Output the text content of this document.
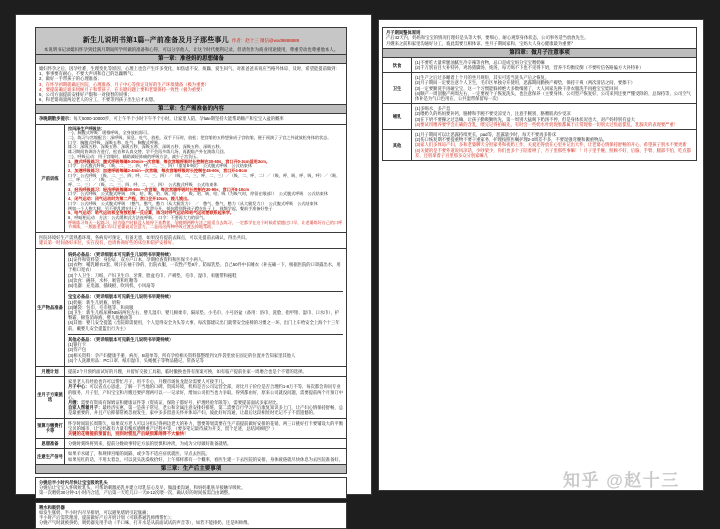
新生儿说明书第1篇--产前准备及月子那些事儿 作者：赵十三 微信@wxd9888889
本说明书记录媳妇怀孕到娃满月期间所学所做的准备和心得，可以分享他人，让这个时代便利记录，但请勿作为商业用途使用，尊重劳动也尊重他本人。
第一章：准爸妈的思想储备
媳妇怀孕之后，因孕吐难、生理变化等原因，心理上也会产生许多变化，如焦虑不安、烦躁、爱生闷气，对准爸爸来说应当格外体谅、及时，希望能提前做到：
1、事事要有耐心，不要大声讲和自己的急躁脾气；
2、做好一手带孩子的心理准备；
3、在怀孕初期就确定医院、心理准备、月子中心等预定及好的生产环境储备（极为重要）
4、要提前确定谁来伺候月子和带孩子，在关键问题上要和老婆保持一致性（极为重要）
5、公司方面提前安排好产假和一对接替的同事；
6、和老婆商量两边老人的分工，不要等到孩子出生后才去想。
第二章：生产需准备的内容
孕晚期散步提示：每天5000-10000步，可上午半个小时下午半个小时，让家里人陪，孕late期坚持大能帮助顺产和宝宝入盆的概率
产前训练
拉玛泽生产呼吸法：
一)、胸腹式呼吸：缓慢呼吸，全身放松即可。
二)、练习与宫缩配合：深呼吸、屏息、吐气、放松，双手下压时，放松；把宫缩的五秒想象成子宫收缩，便于预演了子宫之外就放松身体的状态。
口令：胸腹式呼吸，深吸五秒、吐气，胸腹式呼吸。
练习：深吸五秒、深吸五秒、深吸五秒、深吸五秒、深吸五秒、深吸五秒、深吸五秒。
练习期间协调各方进行，松音和认真交替，学不会再多练几场，再跟临产外在演练几回。
三)、呼吸运动：用于宫缩时，辅助减轻阵痛的呼吸方法，减少子宫负压。
1、腹式呼吸练习：腹式呼吸每隔5-20min一次宫缩，每次宫缩呼吸时长控制在30-60s，宫口开0-3cm适用3cm。
口令：公式腹式呼吸，（吸、二、三、四、呼、二、三、四）（重复6-9次）　公式腹式呼吸　公式结束休
2、加速呼吸练习：加速呼吸每隔2-4min一次宫缩，每次宫缩呼吸时长控制在45-60s，宫口开4-8cm
口令：公式呼吸　（吸、二、三、四、呼、二、三、四）／（吸、二、三、呼、二、三）／（吸、二、呼、二）／（吸、呼、吸、呼、吸、呼）／（吸、二、呼、二）／（吸、二、三、
呼、二、三）／（吸、二、三、四、呼、二、三、四）　公式腹式呼吸　公式结束休
3、轻浅呼吸练习：轻浅呼吸每隔30-60s一次宫缩，每次宫缩呼吸时长控制在30-90s，宫口开8-10cm
口令：公式呼吸　公式腹式呼吸　（吸、哈、吸、哈、吸、哈　／　吸、哈、吸、哈、吸（为吸气时，停留在喉部））　公式腹式呼吸　公式结束休
4、闭气运动：闭气运动时为第二产程，宫口全开10cm，娩儿娩出。
口令：公式呼吸　公式腹式呼吸　（憋气、憋气、憋力（从大腿发力）　／　憋气、憋气、憋力（从大腿发力））　公式腹式呼吸　公式结束休
例如一个人抱大腿，另不要乱蹬在肚子上，发泄分开，抵抗蹬别将孩子蹬在肚子上，视频学起，餐前手准备好垫子
5、哈气运动：哈气运动和全身放松第一反应算，练习时呼气运动和哈气运动要联系起来学。
6、呼暗相运动　方法：公式缓和式方法连呼吸。　口令：不要再大力的屏气。
呼吸练习每天一起练习，因为临产时候没人能停下来教你，孕晚期两种方法之间适当去练习，一定都学在这个时候希望越过口早，让老婆练好自己的口呼节奏练，一般跟老婆口早让老婆说话注意力，二是再这两种呼吸过渡去掉地帮助。
医院环境好生产需熟悉环境，各病房可预定，有备无患，如果没有提前去踩点，可以先提前去确认，得出共识。
建议第一时间备好床位，实在没有，也请协商好些的床位和陪护安排好。
生产物品准备
妈妈必备品：（更详细版本可见新生儿说明书早期待续）
(1)证件和资料袋：身份证、双方户口本、孕期检查资料和医保卡小两人。
(2)衣物：哺乳睡衣2套、吸汗长袖干净的、出院衣服、一次性产垫8片、防溢乳垫、自己50件中长睡衣（补充确一下，根据医院的口罩露出水，用于相口宽衣）
(3)个人卫生：刀纸、产妇卫生巾、牙膏、脸盆毛巾、产褥垫、毛巾、湿巾、束腹带和拖鞋
(4)饮食：碗筷、水杯、吸管和红糖等
(5)电器：充电器、插线板、吹风机、小风扇等
宝宝必备品：（更详细版本可见新生儿说明书早期待续）
(1)奶瓶：新生儿奶瓶、奶粉
(2)睡袋：包巾、毛巾毯等、和尚服
(3)卫生：新生儿纸尿裤NB码两包左右、婴儿湿巾、婴儿棉柔巾、隔尿垫、小毛巾、小号浴盆（备用：浴巾、洗脸、指甲钳、湿巾、口水巾）、护臀霜、棉签消毒液、婴儿抚触油等
(4)其他：婴儿安全提篮（出院即需使用，个人觉得安全为头等大事，每次都建议出门就带安全座椅的习惯之一环，出门上车给安全上海个十三年前，戴婴儿安全提篮出行为主）
其他必备品：（更详细版本可见新生儿说明书早期待续）
(1)银行卡
(2)待产包
(3)相关资料：孕产妇健康手册、病历、B超单等，所有孕检相关资料都整理到文件袋里放在固定的位置并告知家里其他人
(4)个人洗漱用品：PC口罩、纸巾湿巾、头绳梳子等物品随记，常备记等
月嫂计划	提前2个月预约面试好的月嫂，并留好交接工具箱，临时撤换也得有预案可换，如有临产提前住家一周磨合也是个不错的选择。
坐月子方案挑选
家里老人有经验也许可以帮忙月子，用不专心，月嫂市场鱼龙混杂需要人可接手几。
月子中心：可以省点心思虑，了解一下当地的口碑、资质环境，机构是否公司运营全部，对比月子价位是否合理约1-8万不等，每次都会询问专业的服务，月子里，产妇宝宝和月嫂还要护理两可以一一记录好，增加公司担当也力争取，得到都由好，原来公司就没问题，需要提前两个月预订中心。
月嫂：需要有资质有保姆证和健康证件等（资质证、保险子都好号、护理经验年限等），需要提前面试多家对比。
自家人帮着月子：最经济实惠，第一是孩子常见，老公和亲属注意安排好排班，第二需要自行学习产后康复知识多上门，让产妇心情保持舒畅，总是最重要的，并且产后抑郁常被忽视发生，家中多多留意关怀并体谅产妇，彼此好好沟通，让最后这段相处时光记不子不留遗憾的。
预算与缴费打卡等
怀孕时间较长周期久，如果双方老人可以分担记得两边老大的补力，想要筹划需要在生产前提前做好安排的花销，两三口挑好打卡要铺设大的平衡宝贝的城市，让宝妈既有力量有愧疚感侧重产过程中等，（要多笔记最待减为开支，留个足迹，总结回顾吧？）
关键的花销提前预留出，别到时慌乱产后缺预算闹得不大愉快！
思想准备	分娩时刻终将到来，提前分娩故事特定方法的畏惧和冲淡，为成为父母做好准备就绪。
注意生产信号
如果羊水破了，和规律宫缩的间隔，或少等不适应症状就医，早点去医院。
如果见红的话，不用太着急，可以洗头洗澡收拾好，上午那样那有一个概率，看医生建一下去医院的安排，身体疲倦就尽快休息为去医院准备好。
第三章：生产后主要事项
分娩后半小时内尽快让宝宝吸吮乳头
分娩后让宝宝入怀吸吮乳头，可帮助刺激泌乳并建立母乳信心及早，做温柔沟通，和妈妈肌肤早接触早吸吮。
第一次喂奶30分钟-1小时内合适，产后第一天吃几口一天8-12次喂一次，确认好的时间按需自由调整。
喂水和吸奶器
如发生胀奶，半小时内尽早排奶，可以避免堵奶引起胀痛；
半小时产后需管理清，提前做好产后开奶计划（可联系通乳师傅帮忙）；
分娩产气时就被挤奶，吸奶器先用手动（手口味，打开水是从前面试试的声音等），如若不能排奶，还是叫师傅。
月子期间整体原则
产后42天内，妈妈和宝宝的情况打理好是头等大事，要细心、耐心观察身体状态，公司事务适当放放先生。
月嫂来之前和家里沟通好分工，彼此需要互相体谅，坐月子期间家和，宝妈大人身心健康最为重要？
第四章：做月子注意事项
饮食
(1)不要吃大量荤腥油腻生冷辛辣等食物，忌口是成宝妈分宝宝喂奶嘛
(2)千万别盲目大补特补，鸡汤猪脚汤、炖汤，每天喝不下也不见得下奶，营养不均衡反倒（不要听信各路偏方大补特补）
卫生
(1)生产之后过多睡着上个月的坐月规矩，其实可适当洗头产后之恢复。
(2)月子期间一定要注意个人卫生，毛巾区单独分开使用，恶露期间勤换产褥垫，保持干爽（两次清洁之间，要擦干）
(3)一定要勤洗手再碰宝宝，这一个习惯能躲掉绝大多数细菌了，大人回家先换干净衣服洗手再抱宝宝娃回回
(4)顺产一周剖腹产两周左右，一定要视个子恢复洗头，也注意保养（主要身体、公司型产恢复好、公司来到还要严懂受除的、总保持等，公司空气体补是为气口色用在、公共湿带保留每一次）
哺乳
(1)多喝水、多产息
(2)喂奶久的妈妈要补钙，胳膊和手腕不要受凉受力，注意手腕别、胳膊肌肉少受凉
(3)在下奶不要操之过急嘛，让孩子勤吸勤吮先，第一周别大猛喝下奶汤不停，但是身体状况也大，对产妈特别有益大
(4)要试用喂养要学会正确的含乳，喂完记得拍嗝先，有时会一些奶水吐奶现象都属于正常现象一切别太过焦虑慌乱，乳腺炎的表现要严重！
其他
(1)月子期间可以让恶露持续更长，pad等，恶露量少时，每天不要再多卧床
(2)伤口恢复期不要提重物不要干重家务，护理按照医嘱护理2-3周差不多，不要逞强弯腰和搬重物品。
(3)家人们多体谅产妇，多和老婆聊天分担家务和夜奶工作，关爱还得放在心里并记出大件，让老婆心情保持舒畅的开心，希望孩子别水不要更新
(4)关键的是不要外道说风凉话，少吵架少，你们也多个子陪着哄了，月子里那些事嘛！！月子里手腕、照顾不好、后脑、手臂、腿部不怕、吃点都差、还别拿着子宫里那多众分别家嘛儿
知乎 @赵十三
